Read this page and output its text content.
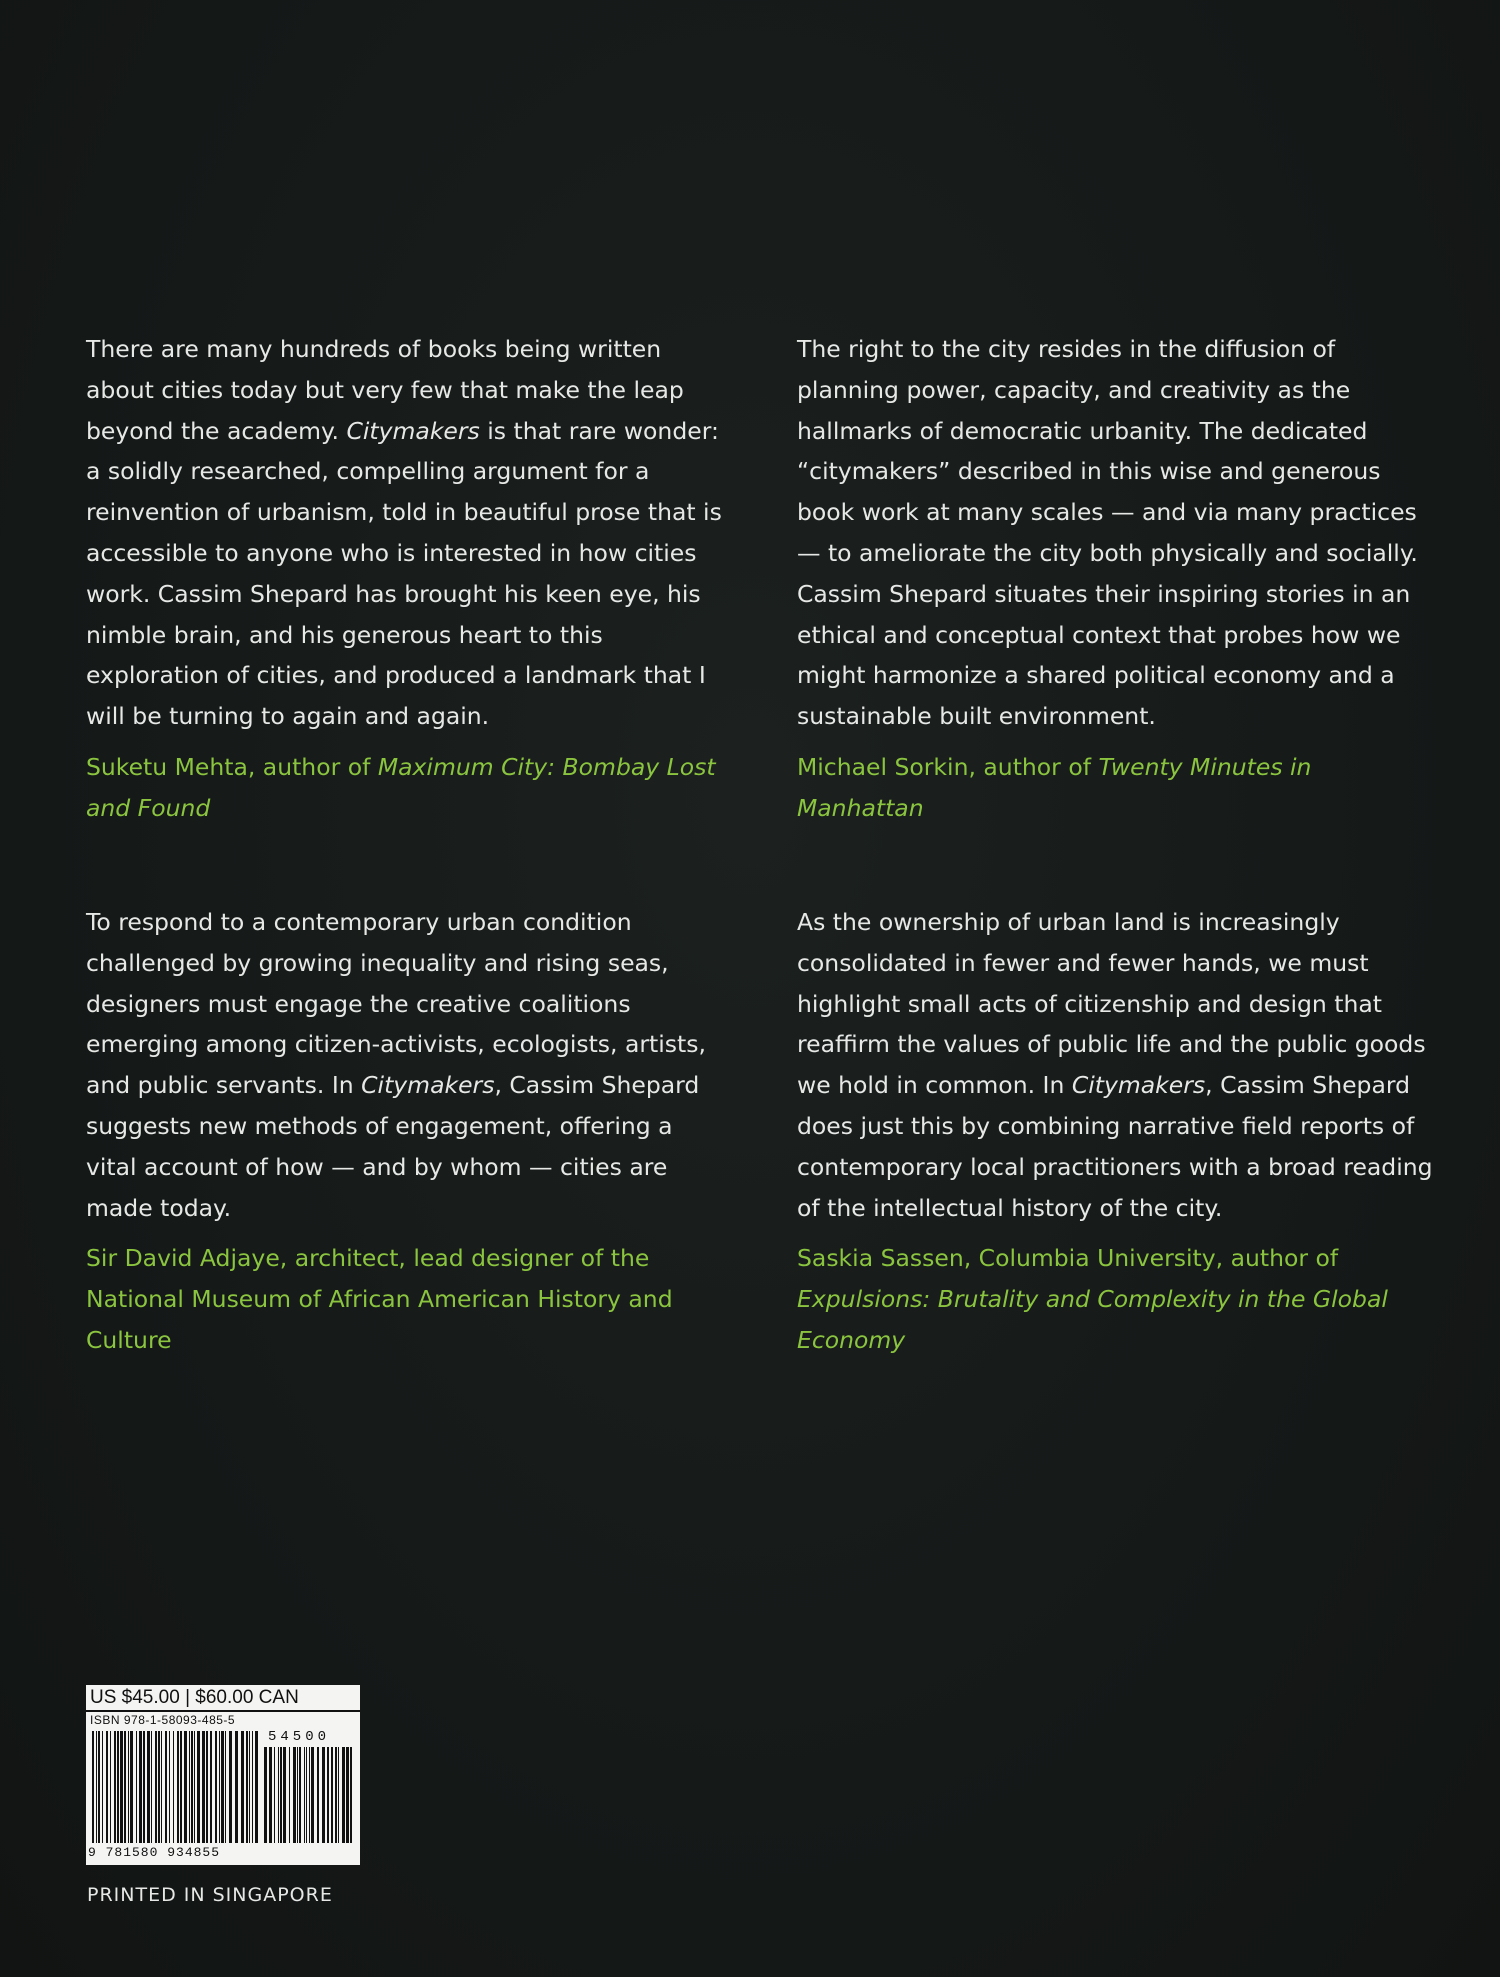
There are many hundreds of books being written about cities today but very few that make the leap beyond the academy. Citymakers is that rare wonder: a solidly researched, compelling argument for a reinvention of urbanism, told in beautiful prose that is accessible to anyone who is interested in how cities work. Cassim Shepard has brought his keen eye, his nimble brain, and his generous heart to this exploration of cities, and produced a landmark that I will be turning to again and again.

Suketu Mehta, author of Maximum City: Bombay Lost and Found

The right to the city resides in the diffusion of planning power, capacity, and creativity as the hallmarks of democratic urbanity. The dedicated “citymakers” described in this wise and generous book work at many scales — and via many practices — to ameliorate the city both physically and socially. Cassim Shepard situates their inspiring stories in an ethical and conceptual context that probes how we might harmonize a shared political economy and a sustainable built environment.

Michael Sorkin, author of Twenty Minutes in Manhattan

To respond to a contemporary urban condition challenged by growing inequality and rising seas, designers must engage the creative coalitions emerging among citizen-activists, ecologists, artists, and public servants. In Citymakers, Cassim Shepard suggests new methods of engagement, offering a vital account of how — and by whom — cities are made today.

Sir David Adjaye, architect, lead designer of the National Museum of African American History and Culture

As the ownership of urban land is increasingly consolidated in fewer and fewer hands, we must highlight small acts of citizenship and design that reaffirm the values of public life and the public goods we hold in common. In Citymakers, Cassim Shepard does just this by combining narrative field reports of contemporary local practitioners with a broad reading of the intellectual history of the city.

Saskia Sassen, Columbia University, author of Expulsions: Brutality and Complexity in the Global Economy

US $45.00 | $60.00 CAN
ISBN 978-1-58093-485-5
54500
9 781580 934855
PRINTED IN SINGAPORE
